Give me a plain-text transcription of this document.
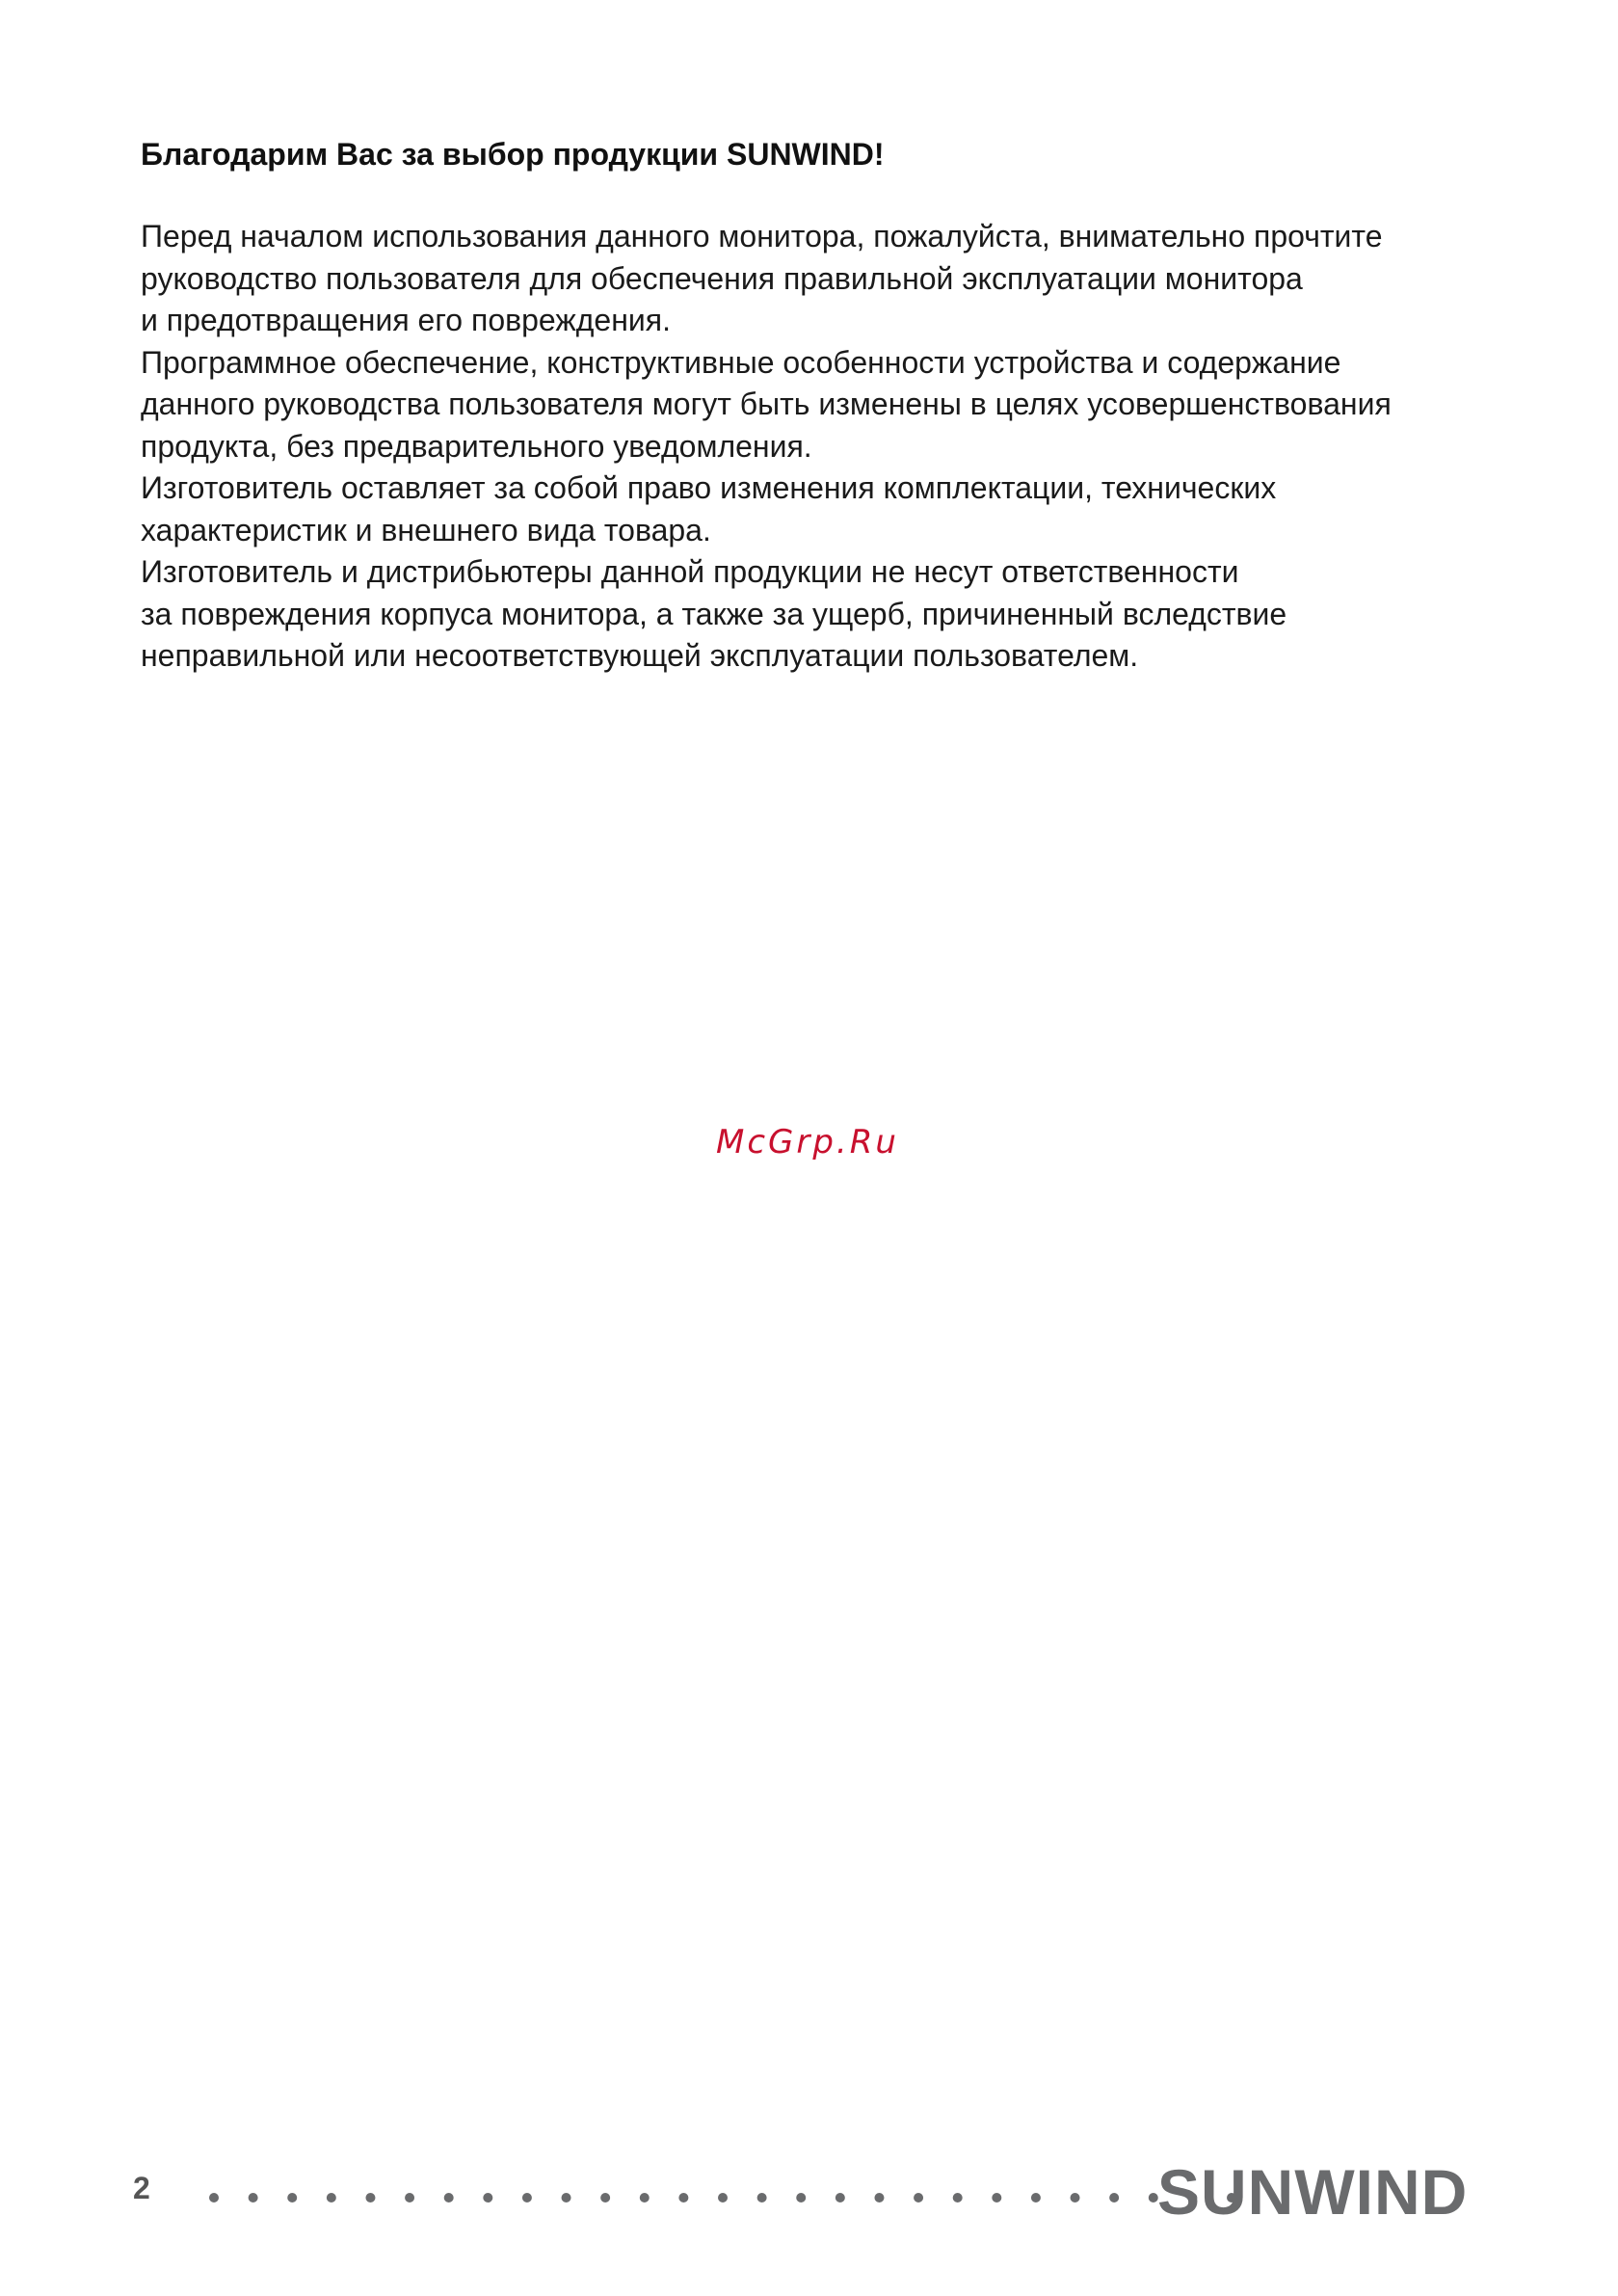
Благодарим Вас за выбор продукции SUNWIND!

Перед началом использования данного монитора, пожалуйста, внимательно прочтите
руководство пользователя для обеспечения правильной эксплуатации монитора
и предотвращения его повреждения.

Программное обеспечение, конструктивные особенности устройства и содержание
данного руководства пользователя могут быть изменены в целях усовершенствования
продукта, без предварительного уведомления.

Изготовитель оставляет за собой право изменения комплектации, технических
характеристик и внешнего вида товара.

Изготовитель и дистрибьютеры данной продукции не несут ответственности
за повреждения корпуса монитора, а также за ущерб, причиненный вследствие
неправильной или несоответствующей эксплуатации пользователем.

McGrp.Ru
2	SUNWIND
